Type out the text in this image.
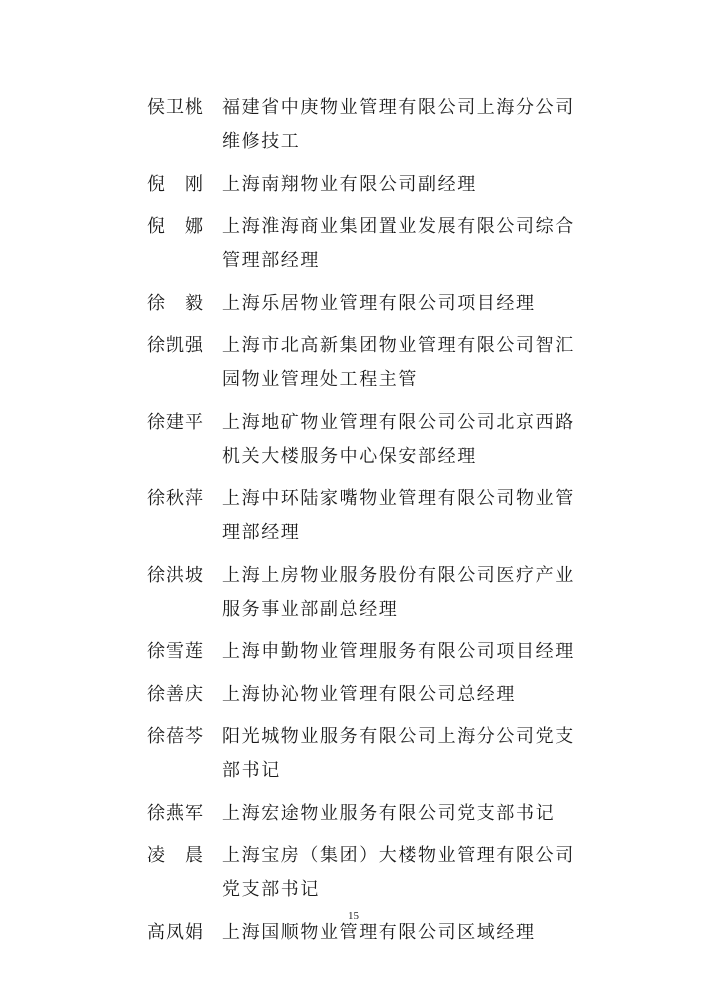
侯卫桃	福建省中庚物业管理有限公司上海分公司维修技工
倪　刚	上海南翔物业有限公司副经理
倪　娜	上海淮海商业集团置业发展有限公司综合管理部经理
徐　毅	上海乐居物业管理有限公司项目经理
徐凯强	上海市北高新集团物业管理有限公司智汇园物业管理处工程主管
徐建平	上海地矿物业管理有限公司公司北京西路机关大楼服务中心保安部经理
徐秋萍	上海中环陆家嘴物业管理有限公司物业管理部经理
徐洪坡	上海上房物业服务股份有限公司医疗产业服务事业部副总经理
徐雪莲	上海申勤物业管理服务有限公司项目经理
徐善庆	上海协沁物业管理有限公司总经理
徐蓓芩	阳光城物业服务有限公司上海分公司党支部书记
徐燕军	上海宏途物业服务有限公司党支部书记
凌　晨	上海宝房（集团）大楼物业管理有限公司党支部书记
高凤娟	上海国顺物业管理有限公司区域经理
15
